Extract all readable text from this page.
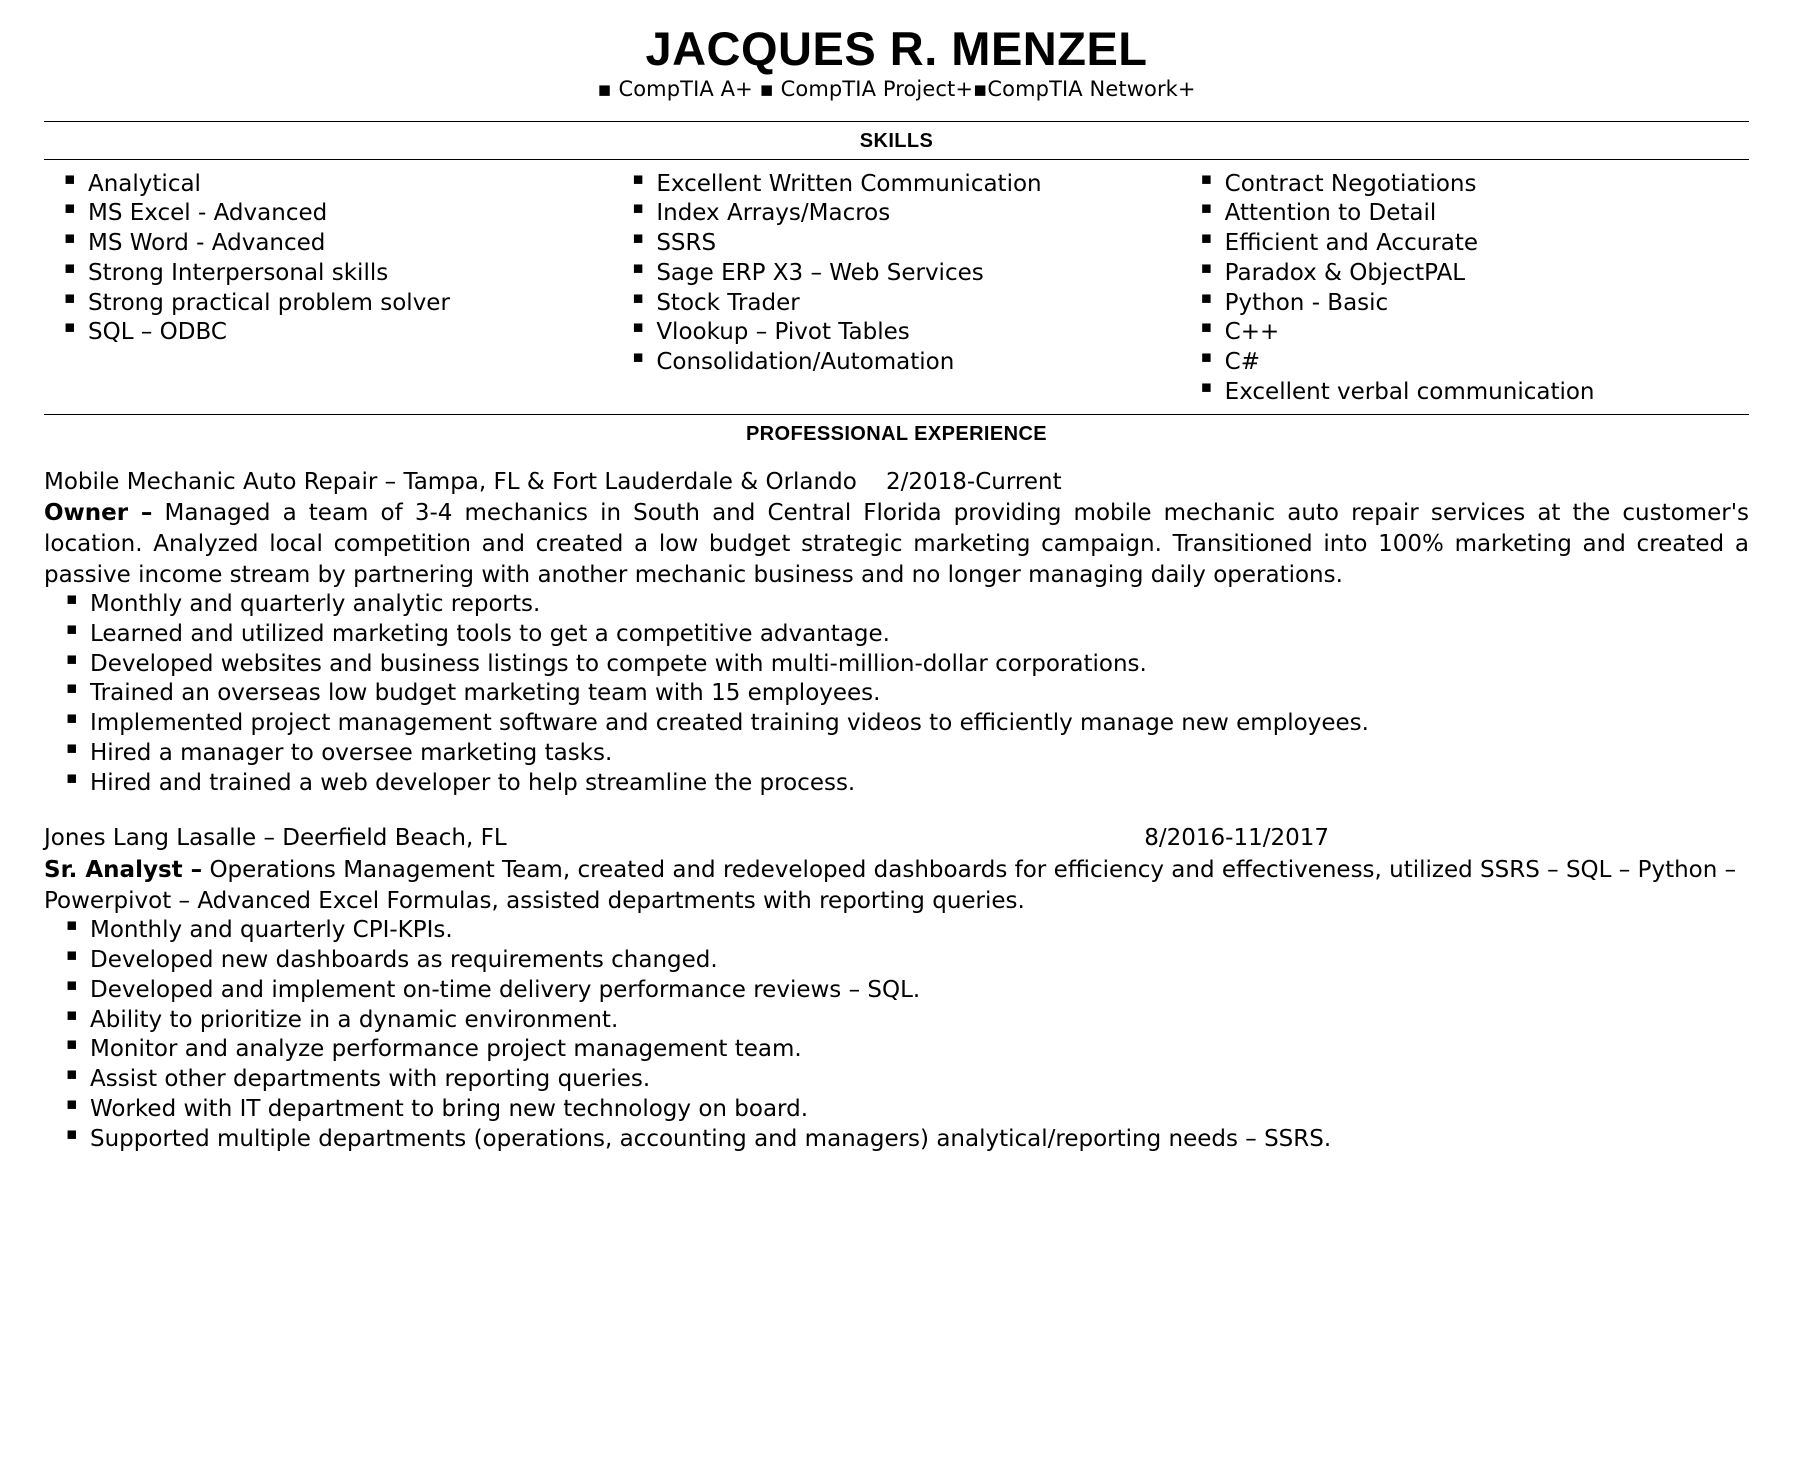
JACQUES R. MENZEL
▪ CompTIA A+ ▪ CompTIA Project+▪CompTIA Network+
SKILLS
▪ Analytical
▪ MS Excel - Advanced
▪ MS Word - Advanced
▪ Strong Interpersonal skills
▪ Strong practical problem solver
▪ SQL – ODBC
▪ Excellent Written Communication
▪ Index Arrays/Macros
▪ SSRS
▪ Sage ERP X3 – Web Services
▪ Stock Trader
▪ Vlookup – Pivot Tables
▪ Consolidation/Automation
▪ Contract Negotiations
▪ Attention to Detail
▪ Efficient and Accurate
▪ Paradox & ObjectPAL
▪ Python - Basic
▪ C++
▪ C#
▪ Excellent verbal communication
PROFESSIONAL EXPERIENCE
Mobile Mechanic Auto Repair – Tampa, FL & Fort Lauderdale & Orlando
2/2018-Current
Owner – Managed a team of 3-4 mechanics in South and Central Florida providing mobile mechanic auto repair services at the customer's location. Analyzed local competition and created a low budget strategic marketing campaign. Transitioned into 100% marketing and created a passive income stream by partnering with another mechanic business and no longer managing daily operations.
▪ Monthly and quarterly analytic reports.
▪ Learned and utilized marketing tools to get a competitive advantage.
▪ Developed websites and business listings to compete with multi-million-dollar corporations.
▪ Trained an overseas low budget marketing team with 15 employees.
▪ Implemented project management software and created training videos to efficiently manage new employees.
▪ Hired a manager to oversee marketing tasks.
▪ Hired and trained a web developer to help streamline the process.
Jones Lang Lasalle – Deerfield Beach, FL	8/2016-11/2017
Sr. Analyst – Operations Management Team, created and redeveloped dashboards for efficiency and effectiveness, utilized SSRS – SQL – Python – Powerpivot – Advanced Excel Formulas, assisted departments with reporting queries.
▪ Monthly and quarterly CPI-KPIs.
▪ Developed new dashboards as requirements changed.
▪ Developed and implement on-time delivery performance reviews – SQL.
▪ Ability to prioritize in a dynamic environment.
▪ Monitor and analyze performance project management team.
▪ Assist other departments with reporting queries.
▪ Worked with IT department to bring new technology on board.
▪ Supported multiple departments (operations, accounting and managers) analytical/reporting needs – SSRS.
